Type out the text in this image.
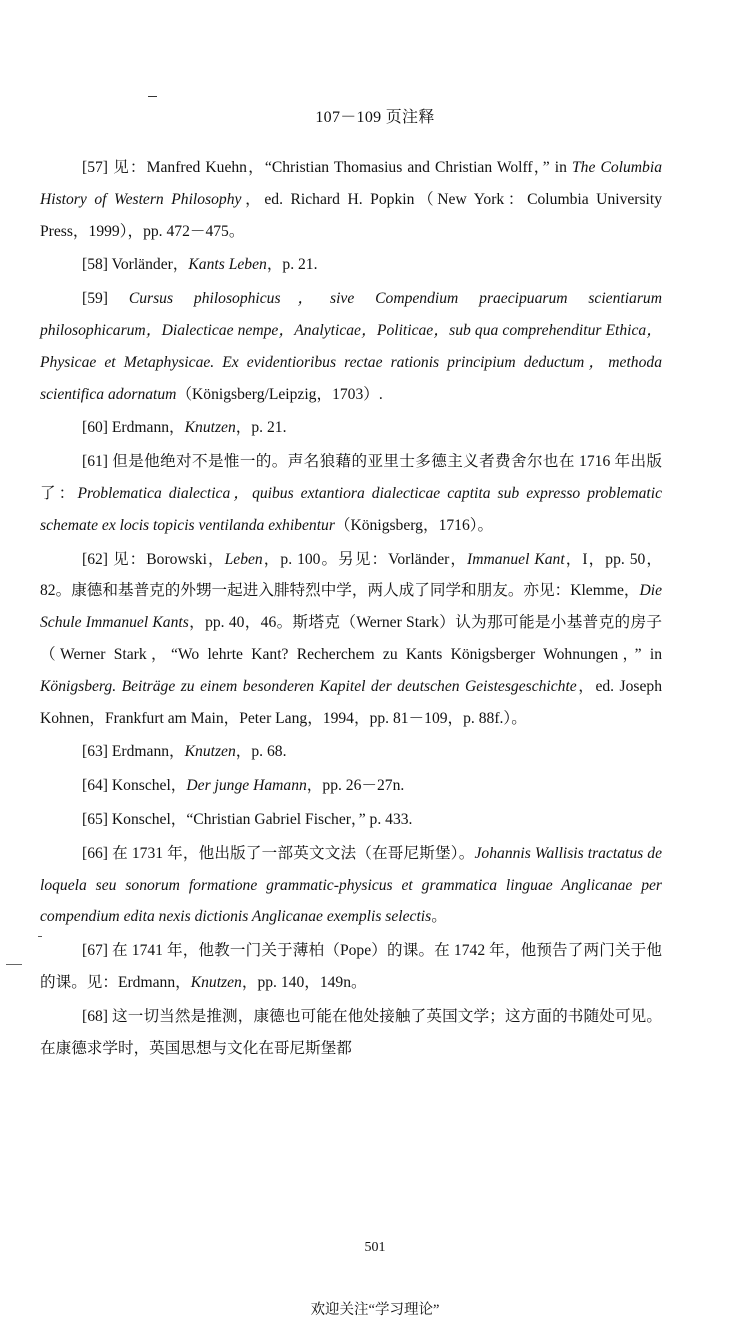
107－109 页注释

[57] 见：Manfred Kuehn，“Christian Thomasius and Christian Wolff，” in The Columbia History of Western Philosophy，ed. Richard H. Popkin（New York：Columbia University Press，1999），pp. 472－475。

[58] Vorländer，Kants Leben，p. 21.

[59] Cursus philosophicus，sive Compendium praecipuarum scientiarum philosophicarum，Dialecticae nempe，Analyticae，Politicae，sub qua comprehenditur Ethica，Physicae et Metaphysicae. Ex evidentioribus rectae rationis principium deductum，methoda scientifica adornatum（Königsberg/Leipzig，1703）.

[60] Erdmann，Knutzen，p. 21.

[61] 但是他绝对不是惟一的。声名狼藉的亚里士多德主义者费舍尔也在 1716 年出版了：Problematica dialectica，quibus extantiora dialecticae captita sub expresso problematic schemate ex locis topicis ventilanda exhibentur（Königsberg，1716）。

[62] 见：Borowski，Leben，p. 100。另见：Vorländer，Immanuel Kant，I，pp. 50，82。康德和基普克的外甥一起进入腓特烈中学，两人成了同学和朋友。亦见：Klemme，Die Schule Immanuel Kants，pp. 40，46。斯塔克（Werner Stark）认为那可能是小基普克的房子（Werner Stark，“Wo lehrte Kant? Recherchem zu Kants Königsberger Wohnungen，” in Königsberg. Beiträge zu einem besonderen Kapitel der deutschen Geistesgeschichte，ed. Joseph Kohnen，Frankfurt am Main，Peter Lang，1994，pp. 81－109，p. 88f.）。

[63] Erdmann，Knutzen，p. 68.

[64] Konschel，Der junge Hamann，pp. 26－27n.

[65] Konschel，“Christian Gabriel Fischer，” p. 433.

[66] 在 1731 年，他出版了一部英文文法（在哥尼斯堡）。Johannis Wallisis tractatus de loquela seu sonorum formatione grammatic-physicus et grammatica linguae Anglicanae per compendium edita nexis dictionis Anglicanae exemplis selectis。

[67] 在 1741 年，他教一门关于薄柏（Pope）的课。在 1742 年，他预告了两门关于他的课。见：Erdmann，Knutzen，pp. 140，149n。

[68] 这一切当然是推测，康德也可能在他处接触了英国文学；这方面的书随处可见。在康德求学时，英国思想与文化在哥尼斯堡都

501
欢迎关注“学习理论”
